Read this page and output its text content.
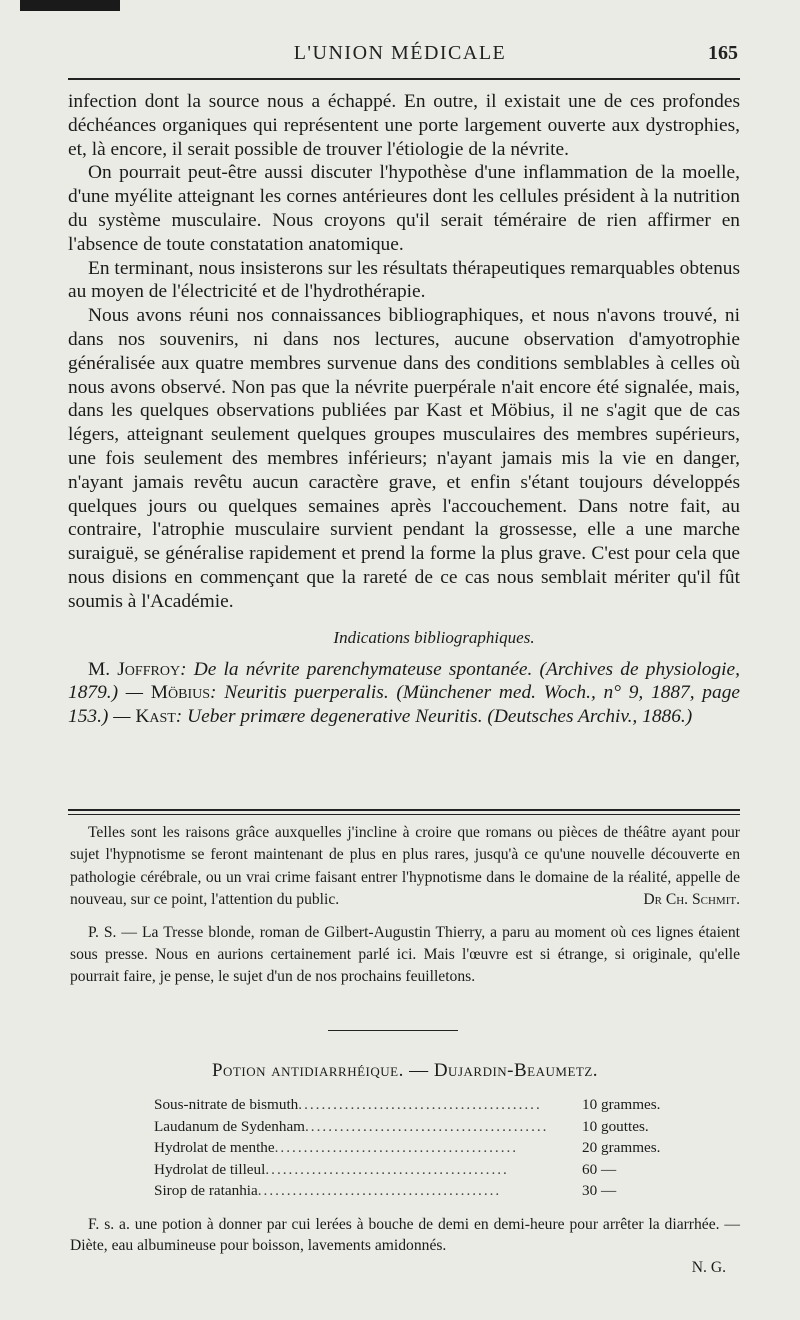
L'UNION MÉDICALE	165

infection dont la source nous a échappé. En outre, il existait une de ces profondes déchéances organiques qui représentent une porte largement ouverte aux dystrophies, et, là encore, il serait possible de trouver l'étiologie de la névrite.

On pourrait peut-être aussi discuter l'hypothèse d'une inflammation de la moelle, d'une myélite atteignant les cornes antérieures dont les cellules président à la nutrition du système musculaire. Nous croyons qu'il serait téméraire de rien affirmer en l'absence de toute constatation anatomique.

En terminant, nous insisterons sur les résultats thérapeutiques remarquables obtenus au moyen de l'électricité et de l'hydrothérapie.

Nous avons réuni nos connaissances bibliographiques, et nous n'avons trouvé, ni dans nos souvenirs, ni dans nos lectures, aucune observation d'amyotrophie généralisée aux quatre membres survenue dans des conditions semblables à celles où nous avons observé. Non pas que la névrite puerpérale n'ait encore été signalée, mais, dans les quelques observations publiées par Kast et Möbius, il ne s'agit que de cas légers, atteignant seulement quelques groupes musculaires des membres supérieurs, une fois seulement des membres inférieurs; n'ayant jamais mis la vie en danger, n'ayant jamais revêtu aucun caractère grave, et enfin s'étant toujours développés quelques jours ou quelques semaines après l'accouchement. Dans notre fait, au contraire, l'atrophie musculaire survient pendant la grossesse, elle a une marche suraiguë, se généralise rapidement et prend la forme la plus grave. C'est pour cela que nous disions en commençant que la rareté de ce cas nous semblait mériter qu'il fût soumis à l'Académie.

Indications bibliographiques.

M. Joffroy: De la névrite parenchymateuse spontanée. (Archives de physiologie, 1879.) — Möbius: Neuritis puerperalis. (Münchener med. Woch., n° 9, 1887, page 153.) — Kast: Ueber primære degenerative Neuritis. (Deutsches Archiv., 1886.)

Telles sont les raisons grâce auxquelles j'incline à croire que romans ou pièces de théâtre ayant pour sujet l'hypnotisme se feront maintenant de plus en plus rares, jusqu'à ce qu'une nouvelle découverte en pathologie cérébrale, ou un vrai crime faisant entrer l'hypnotisme dans le domaine de la réalité, appelle de nouveau, sur ce point, l'attention du public.	Dr Ch. Schmit.

P. S. — La Tresse blonde, roman de Gilbert-Augustin Thierry, a paru au moment où ces lignes étaient sous presse. Nous en aurions certainement parlé ici. Mais l'œuvre est si étrange, si originale, qu'elle pourrait faire, je pense, le sujet d'un de nos prochains feuilletons.

Potion antidiarrhéique. — Dujardin-Beaumetz.
Sous-nitrate de bismuth ..........................................	10 grammes.
Laudanum de Sydenham ..........................................	10 gouttes.
Hydrolat de menthe ..........................................	20 grammes.
Hydrolat de tilleul ..........................................	60 —
Sirop de ratanhia ..........................................	30 —

F. s. a. une potion à donner par cui lerées à bouche de demi en demi-heure pour arrêter la diarrhée. — Diète, eau albumineuse pour boisson, lavements amidonnés.

N. G.
